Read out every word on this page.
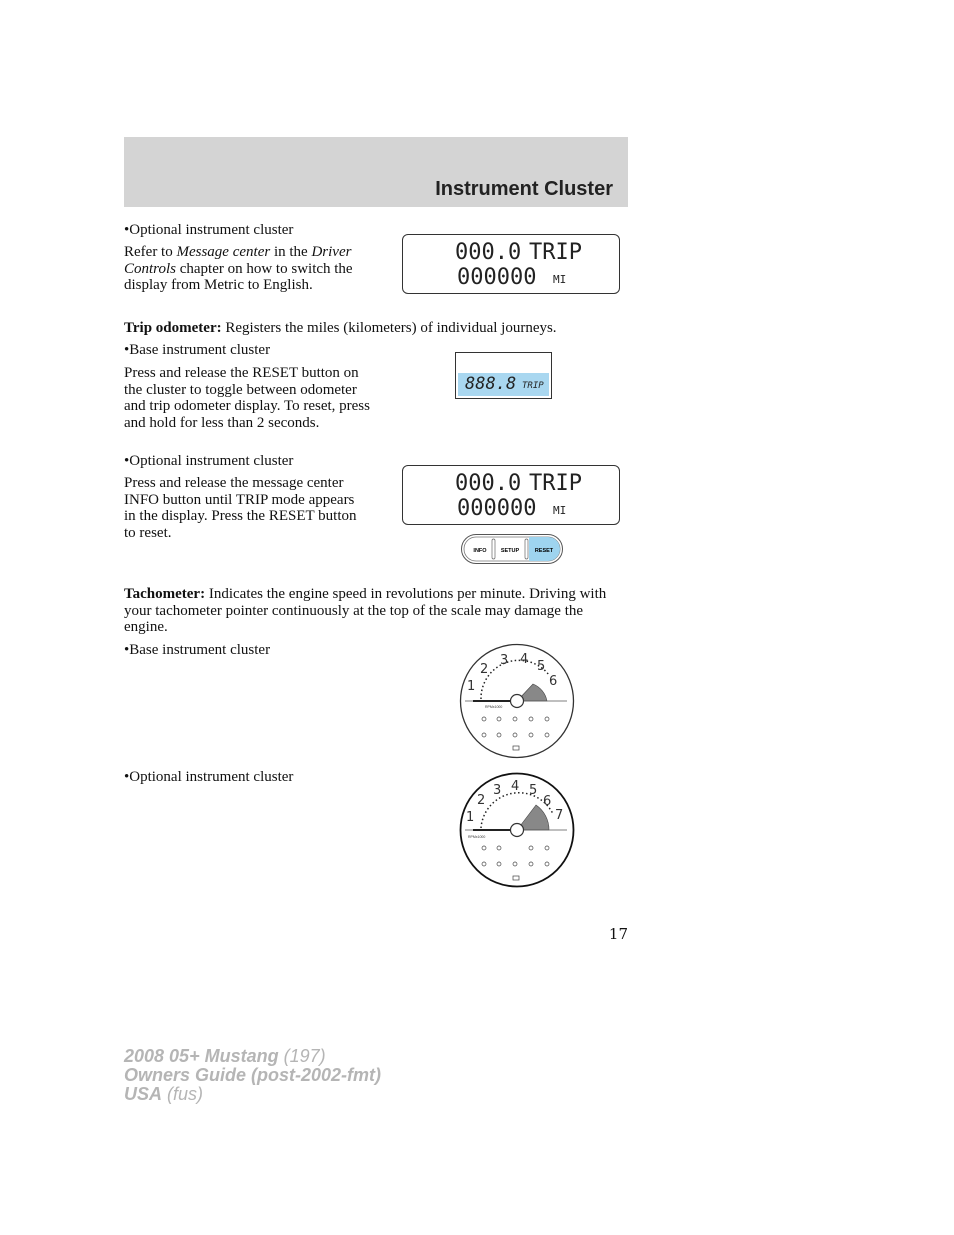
Instrument Cluster
• Optional instrument cluster
Refer to Message center in the Driver Controls chapter on how to switch the display from Metric to English.
000.0 TRIP
000000 MI
Trip odometer: Registers the miles (kilometers) of individual journeys.
• Base instrument cluster
Press and release the RESET button on the cluster to toggle between odometer and trip odometer display. To reset, press and hold for less than 2 seconds.
888.8 TRIP
• Optional instrument cluster
Press and release the message center INFO button until TRIP mode appears in the display. Press the RESET button to reset.
000.0 TRIP
000000 MI
INFO	SETUP	RESET
Tachometer: Indicates the engine speed in revolutions per minute. Driving with your tachometer pointer continuously at the top of the scale may damage the engine.
• Base instrument cluster
1
2
3 4 5
6
RPMx1000
• Optional instrument cluster
1
2
3 4 5
6
7
RPMx1000
17
2008 05+ Mustang (197)
Owners Guide (post-2002-fmt)
USA (fus)
